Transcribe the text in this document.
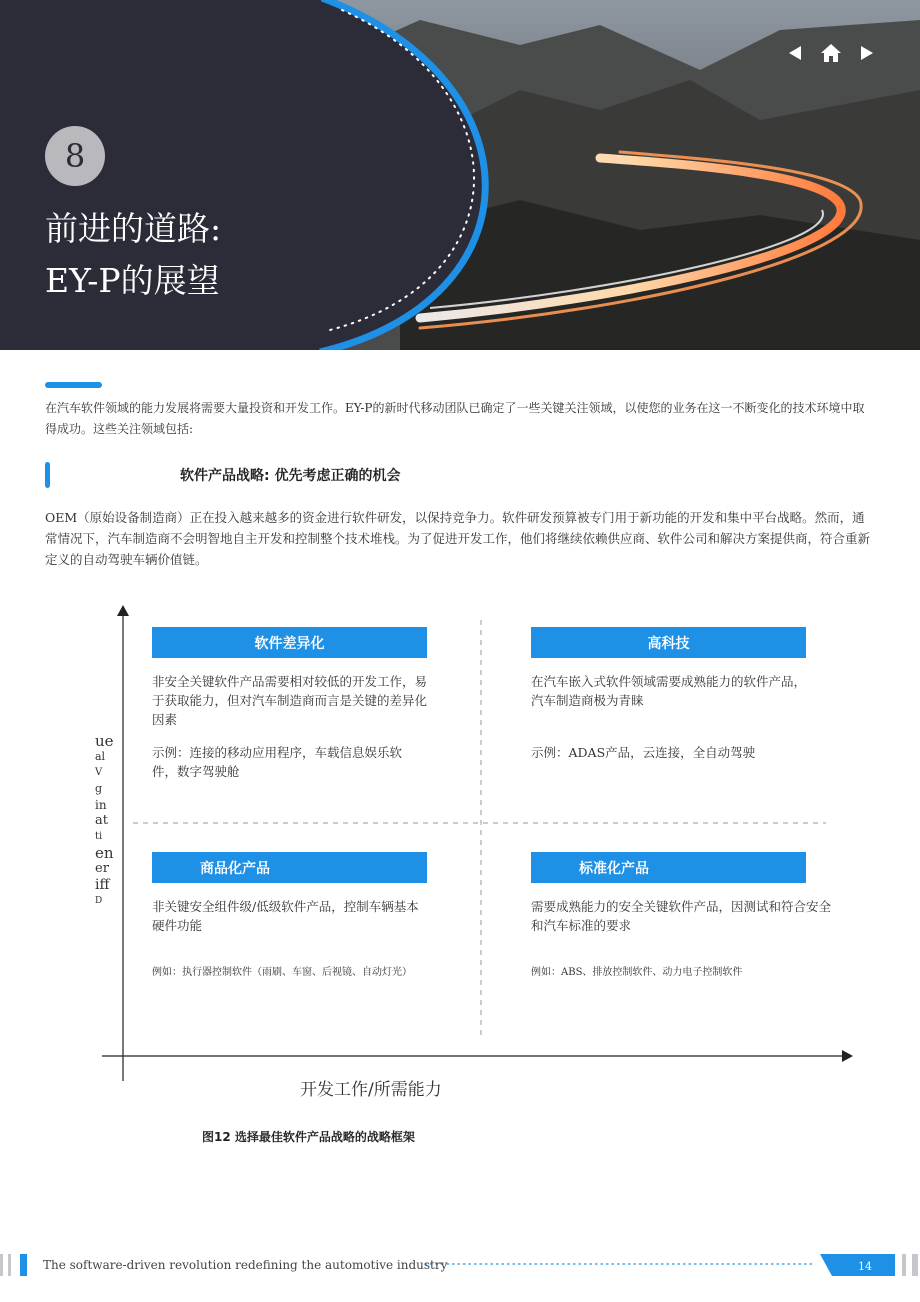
8
前进的道路:
EY-P的展望
在汽车软件领域的能力发展将需要大量投资和开发工作。EY-P的新时代移动团队已确定了一些关键关注领域，以使您的业务在这一不断变化的技术环境中取得成功。这些关注领域包括:
软件产品战略: 优先考虑正确的机会
OEM（原始设备制造商）正在投入越来越多的资金进行软件研发，以保持竞争力。软件研发预算被专门用于新功能的开发和集中平台战略。然而，通常情况下，汽车制造商不会明智地自主开发和控制整个技术堆栈。为了促进开发工作，他们将继续依赖供应商、软件公司和解决方案提供商，符合重新定义的自动驾驶车辆价值链。
ue
al
V
g
in
at
ti
en
er
iff
D
软件差异化
非安全关键软件产品需要相对较低的开发工作，易于获取能力，但对汽车制造商而言是关键的差异化因素
示例：连接的移动应用程序，车载信息娱乐软件，数字驾驶舱
高科技
在汽车嵌入式软件领域需要成熟能力的软件产品，汽车制造商极为青睐
示例：ADAS产品，云连接，全自动驾驶
商品化产品
非关键安全组件级/低级软件产品，控制车辆基本硬件功能
例如：执行器控制软件（雨刷、车窗、后视镜、自动灯光）
标准化产品
需要成熟能力的安全关键软件产品，因测试和符合安全和汽车标准的要求
例如：ABS、排放控制软件、动力电子控制软件
开发工作/所需能力
图12 选择最佳软件产品战略的战略框架
The software-driven revolution redefining the automotive industry	14
